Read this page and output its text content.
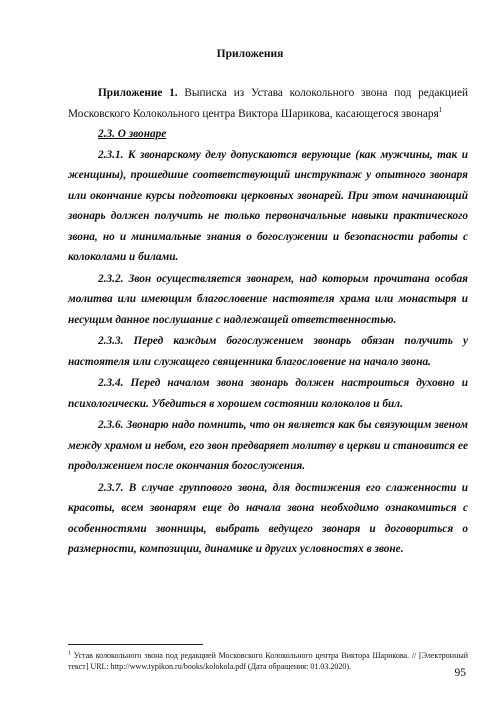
Приложения

Приложение 1. Выписка из Устава колокольного звона под редакцией Московского Колокольного центра Виктора Шарикова, касающегося звонаря$^1$

2.3. О звонаре

2.3.1. К звонарскому делу допускаются верующие (как мужчины, так и женщины), прошедшие соответствующий инструктаж у опытного звонаря или окончание курсы подготовки церковных звонарей. При этом начинающий звонарь должен получить не только первоначальные навыки практического звона, но и минимальные знания о богослужении и безопасности работы с колоколами и билами.

2.3.2. Звон осуществляется звонарем, над которым прочитана особая молитва или имеющим благословение настоятеля храма или монастыря и несущим данное послушание с надлежащей ответственностью.

2.3.3. Перед каждым богослужением звонарь обязан получить у настоятеля или служащего священника благословение на начало звона.

2.3.4. Перед началом звона звонарь должен настроиться духовно и психологически. Убедиться в хорошем состоянии колоколов и бил.

2.3.6. Звонарю надо помнить, что он является как бы связующим звеном между храмом и небом, его звон предваряет молитву в церкви и становится ее продолжением после окончания богослужения.

2.3.7. В случае группового звона, для достижения его слаженности и красоты, всем звонарям еще до начала звона необходимо ознакомиться с особенностями звонницы, выбрать ведущего звонаря и договориться о размерности, композиции, динамике и других условностях в звоне.

$^1$ Устав колокольного звона под редакцией Московского Колокольного центра Виктора Шарикова. // [Электронный текст] URL: http://www.typikon.ru/books/kolokola.pdf (Дата обращения: 01.03.2020).
95
